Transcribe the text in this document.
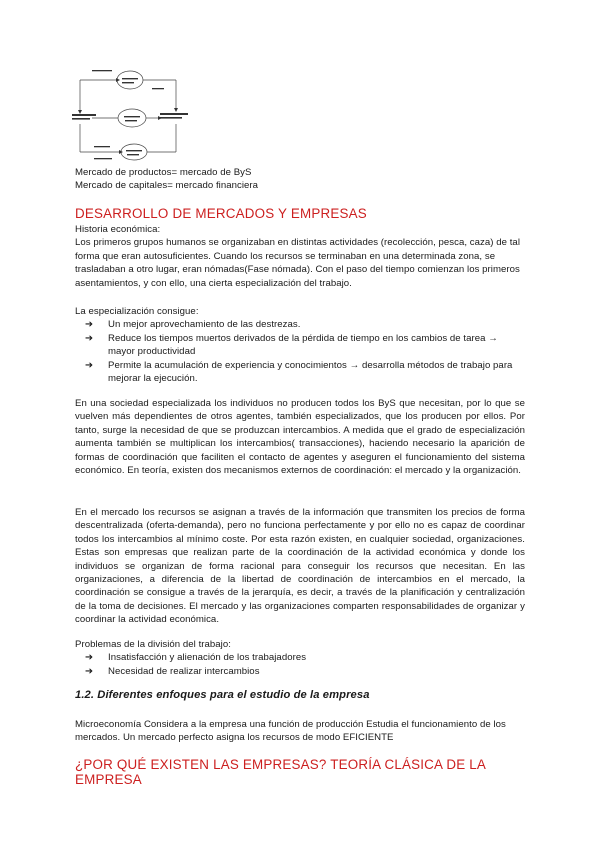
Mercado de productos= mercado de ByS

Mercado de capitales= mercado financiera

DESARROLLO DE MERCADOS Y EMPRESAS

Historia económica:

Los primeros grupos humanos se organizaban en distintas actividades (recolección, pesca, caza) de tal forma que eran autosuficientes. Cuando los recursos se terminaban en una determinada zona, se trasladaban a otro lugar, eran nómadas(Fase nómada). Con el paso del tiempo comienzan los primeros asentamientos, y con ello, una cierta especialización del trabajo.

La especialización consigue:

➔ Un mejor aprovechamiento de las destrezas.
➔ Reduce los tiempos muertos derivados de la pérdida de tiempo en los cambios de tarea → mayor productividad
➔ Permite la acumulación de experiencia y conocimientos → desarrolla métodos de trabajo para mejorar la ejecución.

En una sociedad especializada los individuos no producen todos los ByS que necesitan, por lo que se vuelven más dependientes de otros agentes, también especializados, que los producen por ellos. Por tanto, surge la necesidad de que se produzcan intercambios. A medida que el grado de especialización aumenta también se multiplican los intercambios( transacciones), haciendo necesario la aparición de formas de coordinación que faciliten el contacto de agentes y aseguren el funcionamiento del sistema económico. En teoría, existen dos mecanismos externos de coordinación: el mercado y la organización.

En el mercado los recursos se asignan a través de la información que transmiten los precios de forma descentralizada (oferta-demanda), pero no funciona perfectamente y por ello no es capaz de coordinar todos los intercambios al mínimo coste. Por esta razón existen, en cualquier sociedad, organizaciones. Estas son empresas que realizan parte de la coordinación de la actividad económica y donde los individuos se organizan de forma racional para conseguir los recursos que necesitan. En las organizaciones, a diferencia de la libertad de coordinación de intercambios en el mercado, la coordinación se consigue a través de la jerarquía, es decir, a través de la planificación y centralización de la toma de decisiones. El mercado y las organizaciones comparten responsabilidades de organizar y coordinar la actividad económica.

Problemas de la división del trabajo:

➔ Insatisfacción y alienación de los trabajadores
➔ Necesidad de realizar intercambios
1.2. Diferentes enfoques para el estudio de la empresa

Microeconomía Considera a la empresa una función de producción Estudia el funcionamiento de los mercados. Un mercado perfecto asigna los recursos de modo EFICIENTE

¿POR QUÉ EXISTEN LAS EMPRESAS? TEORÍA CLÁSICA DE LA EMPRESA
